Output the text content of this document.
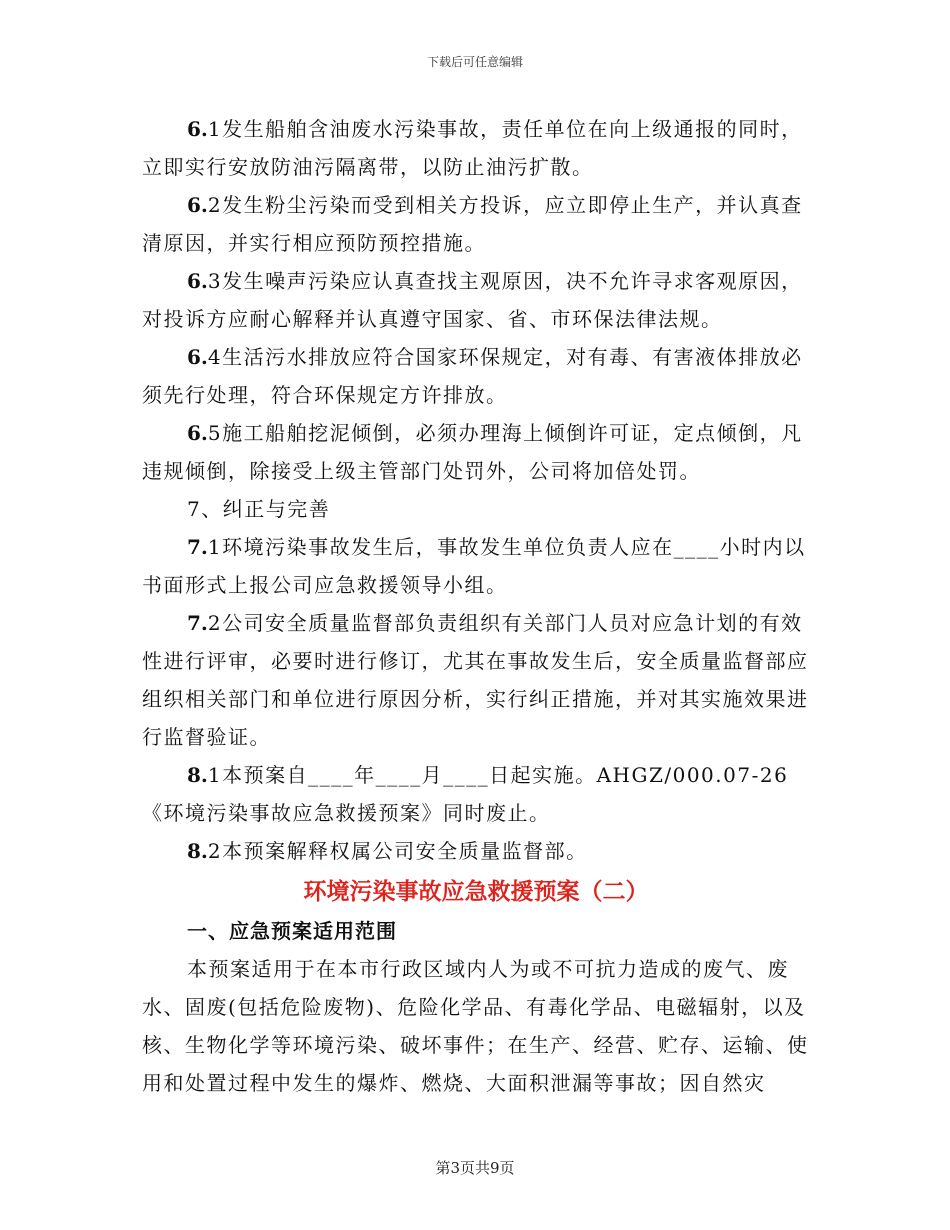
下载后可任意编辑

6.1发生船舶含油废水污染事故，责任单位在向上级通报的同时，立即实行安放防油污隔离带，以防止油污扩散。

6.2发生粉尘污染而受到相关方投诉，应立即停止生产，并认真查清原因，并实行相应预防预控措施。

6.3发生噪声污染应认真查找主观原因，决不允许寻求客观原因，对投诉方应耐心解释并认真遵守国家、省、市环保法律法规。

6.4生活污水排放应符合国家环保规定，对有毒、有害液体排放必须先行处理，符合环保规定方许排放。

6.5施工船舶挖泥倾倒，必须办理海上倾倒许可证，定点倾倒，凡违规倾倒，除接受上级主管部门处罚外，公司将加倍处罚。

7、纠正与完善

7.1环境污染事故发生后，事故发生单位负责人应在____小时内以书面形式上报公司应急救援领导小组。

7.2公司安全质量监督部负责组织有关部门人员对应急计划的有效性进行评审，必要时进行修订，尤其在事故发生后，安全质量监督部应组织相关部门和单位进行原因分析，实行纠正措施，并对其实施效果进行监督验证。

8.1本预案自____年____月____日起实施。AHGZ/000.07-26《环境污染事故应急救援预案》同时废止。

8.2本预案解释权属公司安全质量监督部。

环境污染事故应急救援预案（二）

一、应急预案适用范围

本预案适用于在本市行政区域内人为或不可抗力造成的废气、废水、固废(包括危险废物)、危险化学品、有毒化学品、电磁辐射，以及核、生物化学等环境污染、破坏事件；在生产、经营、贮存、运输、使用和处置过程中发生的爆炸、燃烧、大面积泄漏等事故；因自然灾

第3页共9页
